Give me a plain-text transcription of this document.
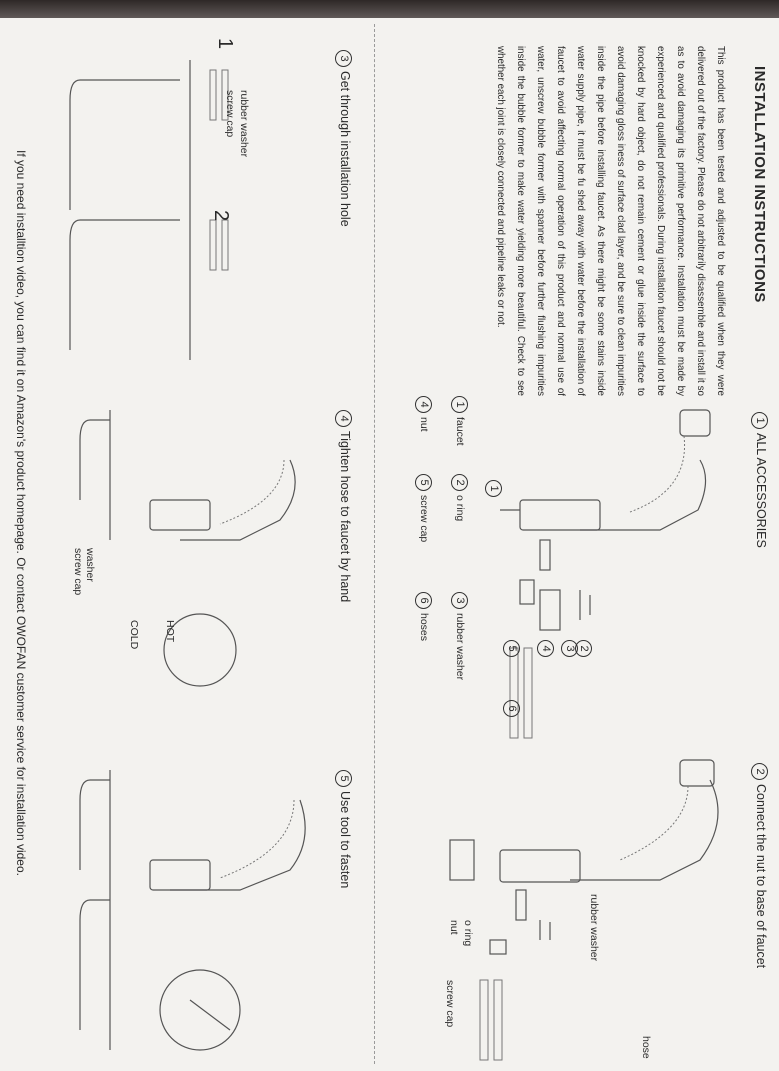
INSTALLATION INSTRUCTIONS
This product has been tested and adjusted to be qualified when they were delivered out of the factory. Please do not arbitrarily disassemble and install it so as to avoid damaging its primitive performance. Installation must be made by experienced and qualified professionals. During installation faucet should not be knocked by hard object, do not remain cement or glue inside the surface to avoid damaging gloss iness of surface clad layer, and be sure to clean impurities inside the pipe before installing faucet. As there might be some stains inside water supply pipe, it must be fu shed away with water before the installation of faucet to avoid affecting normal operation of this product and normal use of water, unscrew bubble former with spanner before further flushing impurities inside the bubble former to make water yielding more beautiful. Check to see whether each joint is closely connected and pipeline leaks or not.
1ALL ACCESSORIES
2Connect the nut to base of faucet
3Get through installation hole
4Tighten hose to faucet by hand
5Use tool to fasten
1faucet
2o ring
3rubber washer
4nut
5screw cap
6hoses
1
2
3
4
5
6
rubber washer
o ring
nut
screw cap
hose
1
2
rubber washer
screw cap
washer
screw cap
HOT
COLD
If you need installtion video, you can find it on Amazon's product homepage. Or contact OWOFAN customer service for installation video.
